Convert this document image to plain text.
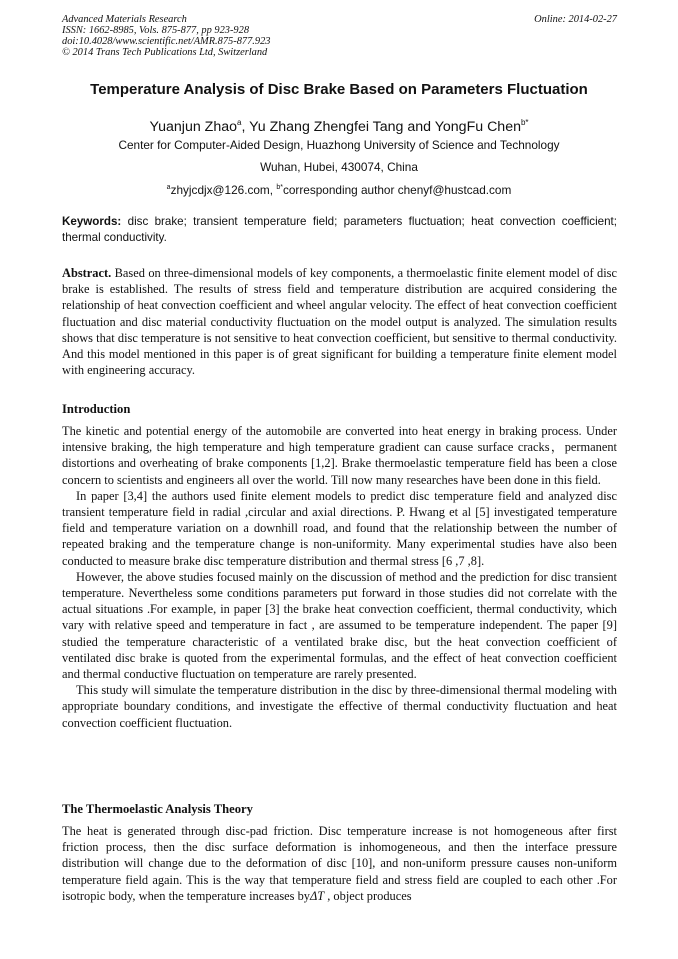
Advanced Materials Research
ISSN: 1662-8985, Vols. 875-877, pp 923-928
doi:10.4028/www.scientific.net/AMR.875-877.923
© 2014 Trans Tech Publications Ltd, Switzerland
Online: 2014-02-27
Temperature Analysis of Disc Brake Based on Parameters Fluctuation
Yuanjun Zhao$^a$, Yu Zhang Zhengfei Tang and YongFu Chen$^{b*}$
Center for Computer-Aided Design, Huazhong University of Science and Technology
Wuhan, Hubei, 430074, China
$^a$zhyjcdjx@126.com, $^{b*}$corresponding author chenyf@hustcad.com
Keywords: disc brake; transient temperature field; parameters fluctuation; heat convection coefficient; thermal conductivity.

Abstract. Based on three-dimensional models of key components, a thermoelastic finite element model of disc brake is established. The results of stress field and temperature distribution are acquired considering the relationship of heat convection coefficient and wheel angular velocity. The effect of heat convection coefficient fluctuation and disc material conductivity fluctuation on the model output is analyzed. The simulation results shows that disc temperature is not sensitive to heat convection coefficient, but sensitive to thermal conductivity. And this model mentioned in this paper is of great significant for building a temperature finite element model with engineering accuracy.

Introduction

The kinetic and potential energy of the automobile are converted into heat energy in braking process. Under intensive braking, the high temperature and high temperature gradient can cause surface cracks，permanent distortions and overheating of brake components [1,2]. Brake thermoelastic temperature field has been a close concern to scientists and engineers all over the world. Till now many researches have been done in this field.

In paper [3,4] the authors used finite element models to predict disc temperature field and analyzed disc transient temperature field in radial ,circular and axial directions. P. Hwang et al [5] investigated temperature field and temperature variation on a downhill road, and found that the relationship between the number of repeated braking and the temperature change is non-uniformity. Many experimental studies have also been conducted to measure brake disc temperature distribution and thermal stress [6 ,7 ,8].

However, the above studies focused mainly on the discussion of method and the prediction for disc transient temperature. Nevertheless some conditions parameters put forward in those studies did not correlate with the actual situations .For example, in paper [3] the brake heat convection coefficient, thermal conductivity, which vary with relative speed and temperature in fact , are assumed to be temperature independent. The paper [9] studied the temperature characteristic of a ventilated brake disc, but the heat convection coefficient of ventilated disc brake is quoted from the experimental formulas, and the effect of heat convection coefficient and thermal conductive fluctuation on temperature are rarely presented.

This study will simulate the temperature distribution in the disc by three-dimensional thermal modeling with appropriate boundary conditions, and investigate the effective of thermal conductivity fluctuation and heat convection coefficient fluctuation.

The Thermoelastic Analysis Theory

The heat is generated through disc-pad friction. Disc temperature increase is not homogeneous after first friction process, then the disc surface deformation is inhomogeneous, and then the interface pressure distribution will change due to the deformation of disc [10], and non-uniform pressure causes non-uniform temperature field again. This is the way that temperature field and stress field are coupled to each other .For isotropic body, when the temperature increases byΔT , object produces
